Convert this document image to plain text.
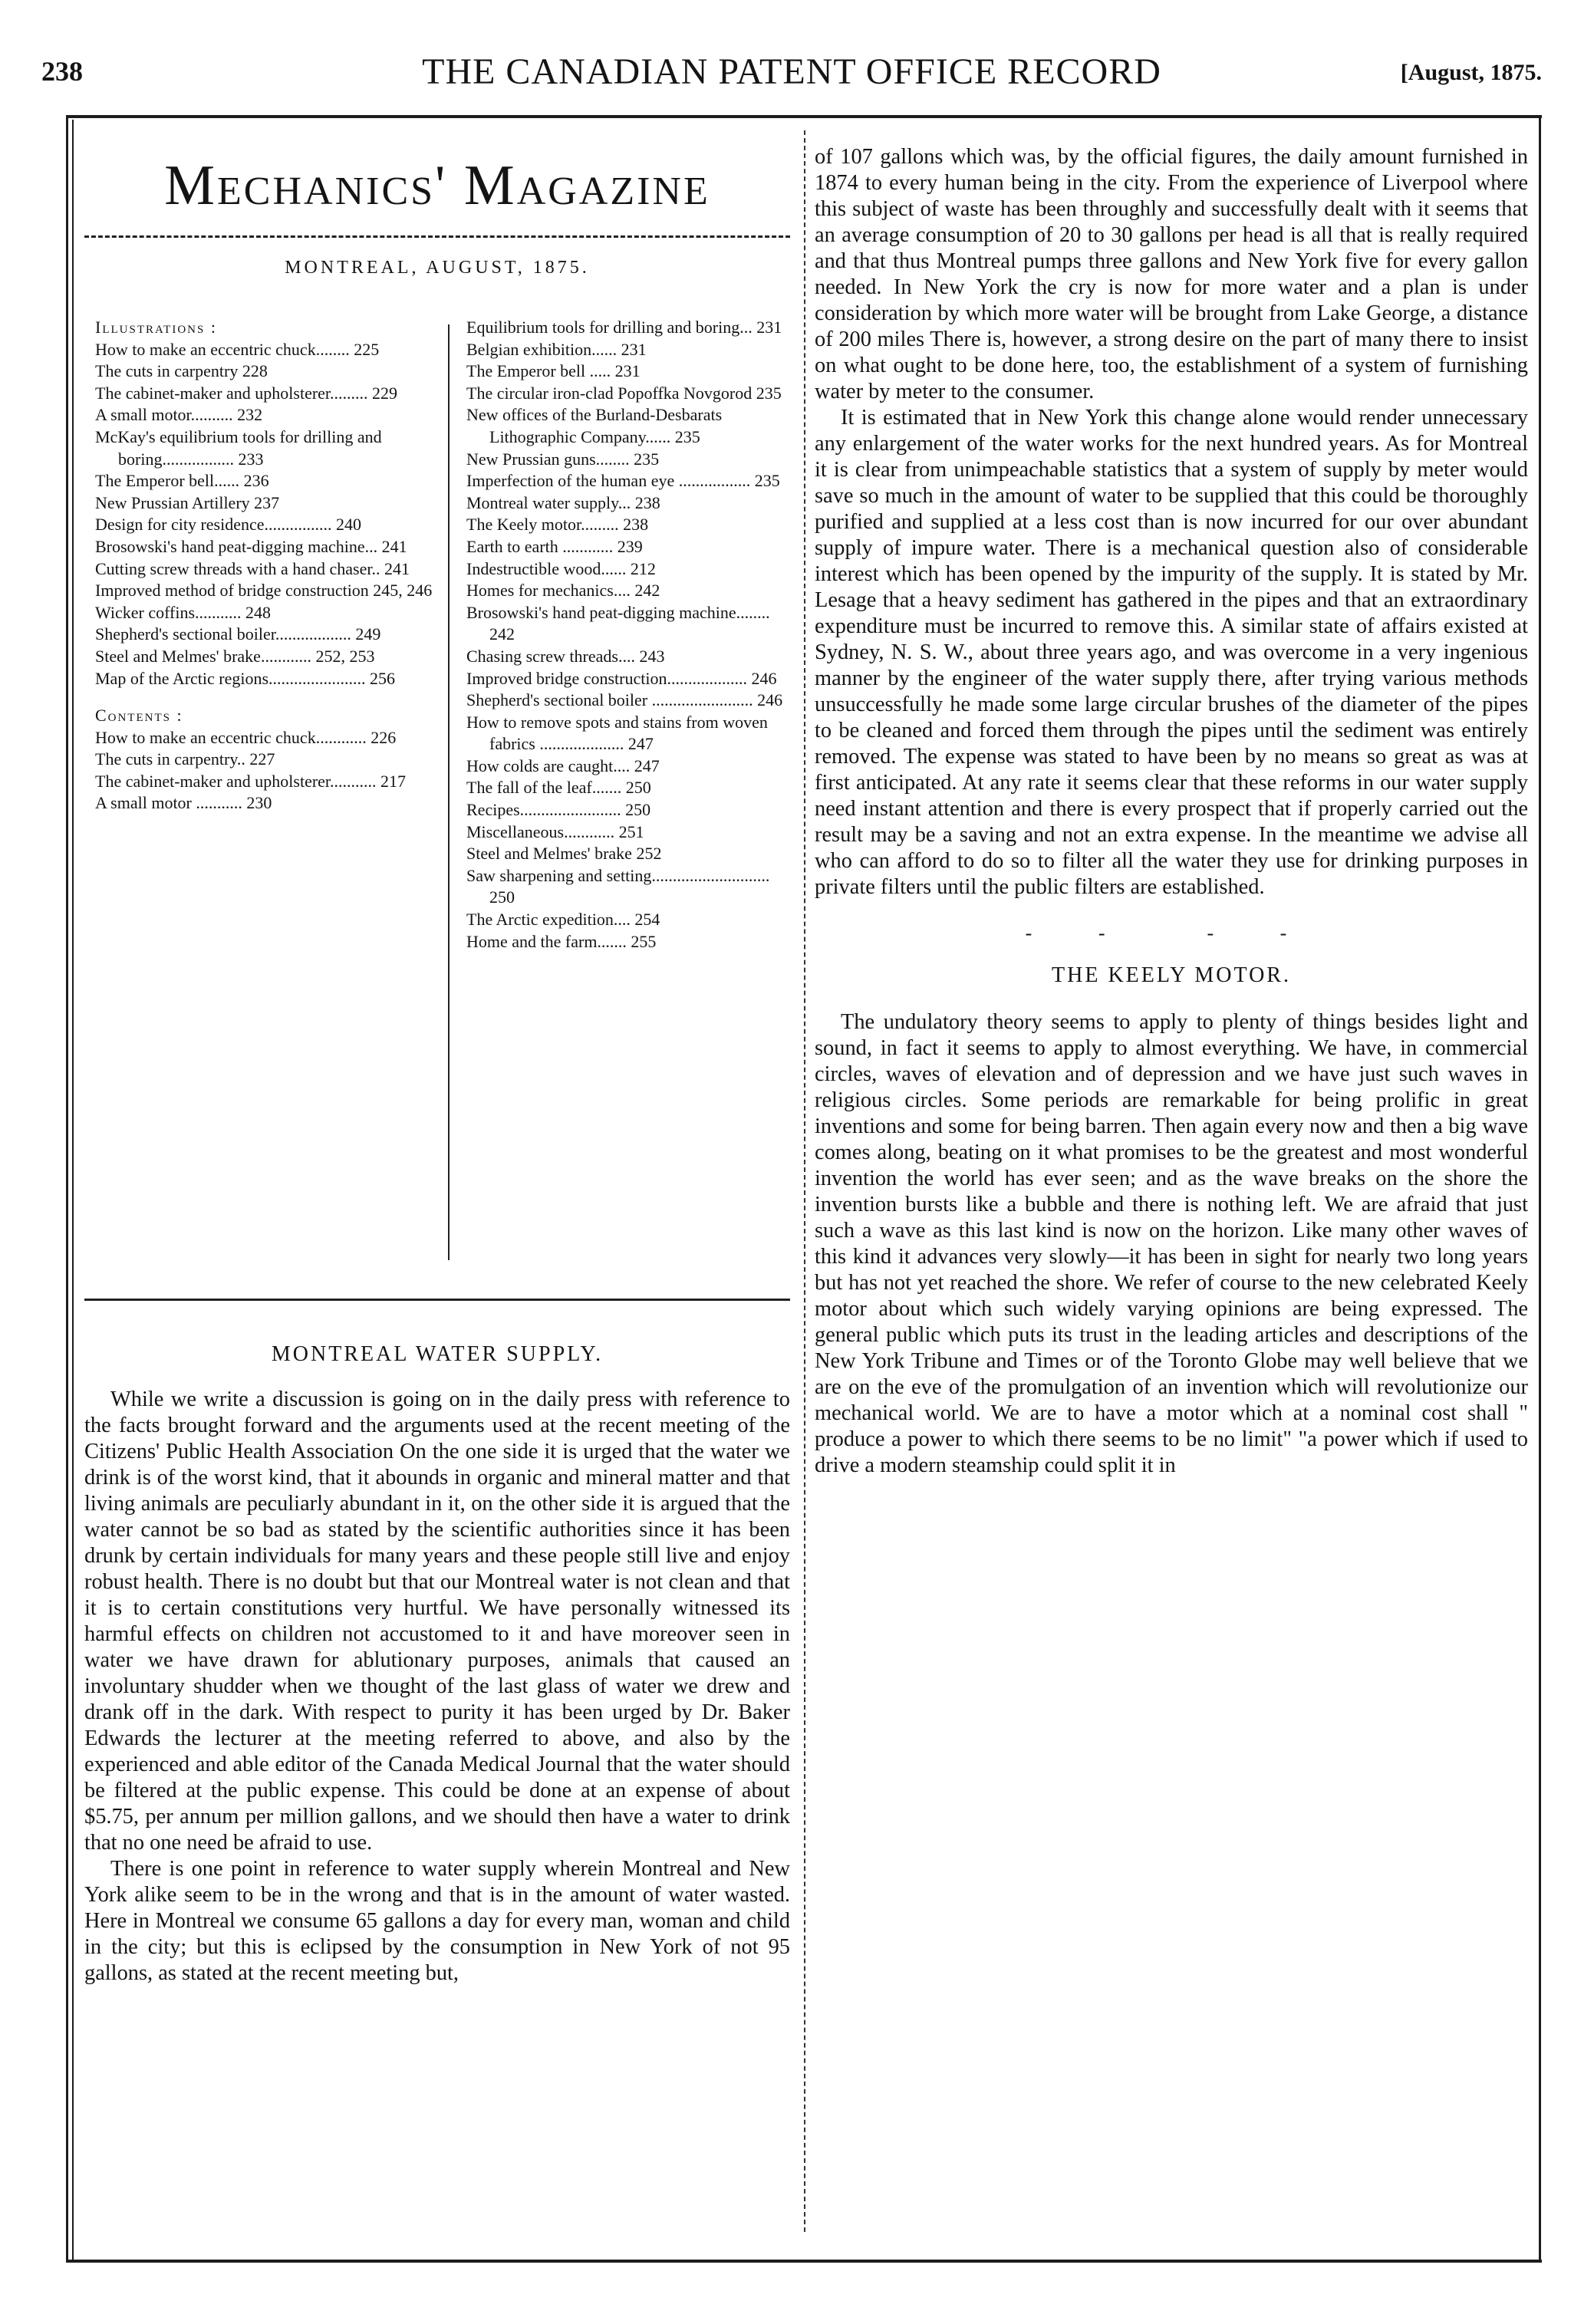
238	THE CANADIAN PATENT OFFICE RECORD	[August, 1875.
Mechanics' Magazine
MONTREAL, AUGUST, 1875.
Illustrations :
How to make an eccentric chuck........ 225
The cuts in carpentry 228
The cabinet-maker and upholsterer......... 229
A small motor.......... 232
McKay's equilibrium tools for drilling and boring................. 233
The Emperor bell...... 236
New Prussian Artillery 237
Design for city residence................ 240
Brosowski's hand peat-digging machine... 241
Cutting screw threads with a hand chaser.. 241
Improved method of bridge construction 245, 246
Wicker coffins........... 248
Shepherd's sectional boiler.................. 249
Steel and Melmes' brake............ 252, 253
Map of the Arctic regions....................... 256
Contents :
How to make an eccentric chuck............ 226
The cuts in carpentry.. 227
The cabinet-maker and upholsterer........... 217
A small motor ........... 230
Equilibrium tools for drilling and boring... 231
Belgian exhibition...... 231
The Emperor bell ..... 231
The circular iron-clad Popoffka Novgorod 235
New offices of the Burland-Desbarats Lithographic Company...... 235
New Prussian guns........ 235
Imperfection of the human eye ................. 235
Montreal water supply... 238
The Keely motor......... 238
Earth to earth ............ 239
Indestructible wood...... 212
Homes for mechanics.... 242
Brosowski's hand peat-digging machine........ 242
Chasing screw threads.... 243
Improved bridge construction................... 246
Shepherd's sectional boiler ........................ 246
How to remove spots and stains from woven fabrics .................... 247
How colds are caught.... 247
The fall of the leaf....... 250
Recipes........................ 250
Miscellaneous............ 251
Steel and Melmes' brake 252
Saw sharpening and setting............................ 250
The Arctic expedition.... 254
Home and the farm....... 255
MONTREAL WATER SUPPLY.

While we write a discussion is going on in the daily press with reference to the facts brought forward and the arguments used at the recent meeting of the Citizens' Public Health Association On the one side it is urged that the water we drink is of the worst kind, that it abounds in organic and mineral matter and that living animals are peculiarly abundant in it, on the other side it is argued that the water cannot be so bad as stated by the scientific authorities since it has been drunk by certain individuals for many years and these people still live and enjoy robust health. There is no doubt but that our Montreal water is not clean and that it is to certain constitutions very hurtful. We have personally witnessed its harmful effects on children not accustomed to it and have moreover seen in water we have drawn for ablutionary purposes, animals that caused an involuntary shudder when we thought of the last glass of water we drew and drank off in the dark. With respect to purity it has been urged by Dr. Baker Edwards the lecturer at the meeting referred to above, and also by the experienced and able editor of the Canada Medical Journal that the water should be filtered at the public expense. This could be done at an expense of about $5.75, per annum per million gallons, and we should then have a water to drink that no one need be afraid to use.

There is one point in reference to water supply wherein Montreal and New York alike seem to be in the wrong and that is in the amount of water wasted. Here in Montreal we consume 65 gallons a day for every man, woman and child in the city; but this is eclipsed by the consumption in New York of not 95 gallons, as stated at the recent meeting but,

of 107 gallons which was, by the official figures, the daily amount furnished in 1874 to every human being in the city. From the experience of Liverpool where this subject of waste has been throughly and successfully dealt with it seems that an average consumption of 20 to 30 gallons per head is all that is really required and that thus Montreal pumps three gallons and New York five for every gallon needed. In New York the cry is now for more water and a plan is under consideration by which more water will be brought from Lake George, a distance of 200 miles There is, however, a strong desire on the part of many there to insist on what ought to be done here, too, the establishment of a system of furnishing water by meter to the consumer.

It is estimated that in New York this change alone would render unnecessary any enlargement of the water works for the next hundred years. As for Montreal it is clear from unimpeachable statistics that a system of supply by meter would save so much in the amount of water to be supplied that this could be thoroughly purified and supplied at a less cost than is now incurred for our over abundant supply of impure water. There is a mechanical question also of considerable interest which has been opened by the impurity of the supply. It is stated by Mr. Lesage that a heavy sediment has gathered in the pipes and that an extraordinary expenditure must be incurred to remove this. A similar state of affairs existed at Sydney, N. S. W., about three years ago, and was overcome in a very ingenious manner by the engineer of the water supply there, after trying various methods unsuccessfully he made some large circular brushes of the diameter of the pipes to be cleaned and forced them through the pipes until the sediment was entirely removed. The expense was stated to have been by no means so great as was at first anticipated. At any rate it seems clear that these reforms in our water supply need instant attention and there is every prospect that if properly carried out the result may be a saving and not an extra expense. In the meantime we advise all who can afford to do so to filter all the water they use for drinking purposes in private filters until the public filters are established.

- -  - -
THE KEELY MOTOR.

The undulatory theory seems to apply to plenty of things besides light and sound, in fact it seems to apply to almost everything. We have, in commercial circles, waves of elevation and of depression and we have just such waves in religious circles. Some periods are remarkable for being prolific in great inventions and some for being barren. Then again every now and then a big wave comes along, beating on it what promises to be the greatest and most wonderful invention the world has ever seen; and as the wave breaks on the shore the invention bursts like a bubble and there is nothing left. We are afraid that just such a wave as this last kind is now on the horizon. Like many other waves of this kind it advances very slowly—it has been in sight for nearly two long years but has not yet reached the shore. We refer of course to the new celebrated Keely motor about which such widely varying opinions are being expressed. The general public which puts its trust in the leading articles and descriptions of the New York Tribune and Times or of the Toronto Globe may well believe that we are on the eve of the promulgation of an invention which will revolutionize our mechanical world. We are to have a motor which at a nominal cost shall " produce a power to which there seems to be no limit" "a power which if used to drive a modern steamship could split it in
